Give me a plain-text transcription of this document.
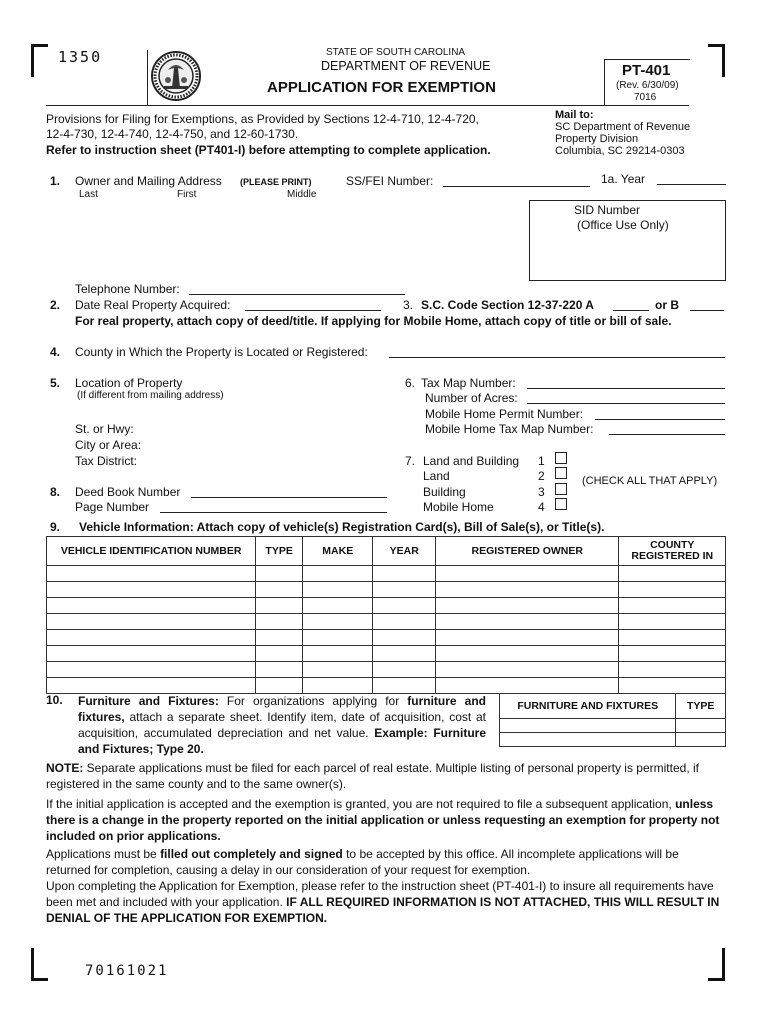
1350	STATE OF SOUTH CAROLINA
DEPARTMENT OF REVENUE
APPLICATION FOR EXEMPTION
PT-401
(Rev. 6/30/09)
7016
Provisions for Filing for Exemptions, as Provided by Sections 12-4-710, 12-4-720,
12-4-730, 12-4-740, 12-4-750, and 12-60-1730.
Refer to instruction sheet (PT401-I) before attempting to complete application.
Mail to:
SC Department of Revenue
Property Division
Columbia, SC 29214-0303
1. Owner and Mailing Address (PLEASE PRINT)
Last	First	Middle
SS/FEI Number:	1a. Year
SID Number
(Office Use Only)
Telephone Number:
2. Date Real Property Acquired:	3. S.C. Code Section 12-37-220 A	or B
For real property, attach copy of deed/title. If applying for Mobile Home, attach copy of title or bill of sale.
4. County in Which the Property is Located or Registered:
5. Location of Property
(If different from mailing address)
St. or Hwy:
City or Area:
Tax District:
6. Tax Map Number:
Number of Acres:
Mobile Home Permit Number:
Mobile Home Tax Map Number:
7. Land and Building
Land
Building
Mobile Home
1
2
3
4
(CHECK ALL THAT APPLY)
8. Deed Book Number
Page Number
9. Vehicle Information: Attach copy of vehicle(s) Registration Card(s), Bill of Sale(s), or Title(s).
VEHICLE IDENTIFICATION NUMBER	TYPE	MAKE	YEAR	REGISTERED OWNER	COUNTY REGISTERED IN

10. Furniture and Fixtures: For organizations applying for furniture and fixtures, attach a separate sheet. Identify item, date of acquisition, cost at acquisition, accumulated depreciation and net value. Example: Furniture and Fixtures; Type 20.
FURNITURE AND FIXTURES	TYPE

NOTE: Separate applications must be filed for each parcel of real estate. Multiple listing of personal property is permitted, if registered in the same county and to the same owner(s).
If the initial application is accepted and the exemption is granted, you are not required to file a subsequent application, unless there is a change in the property reported on the initial application or unless requesting an exemption for property not included on prior applications.
Applications must be filled out completely and signed to be accepted by this office. All incomplete applications will be returned for completion, causing a delay in our consideration of your request for exemption.
Upon completing the Application for Exemption, please refer to the instruction sheet (PT-401-I) to insure all requirements have been met and included with your application. IF ALL REQUIRED INFORMATION IS NOT ATTACHED, THIS WILL RESULT IN DENIAL OF THE APPLICATION FOR EXEMPTION.
70161021
